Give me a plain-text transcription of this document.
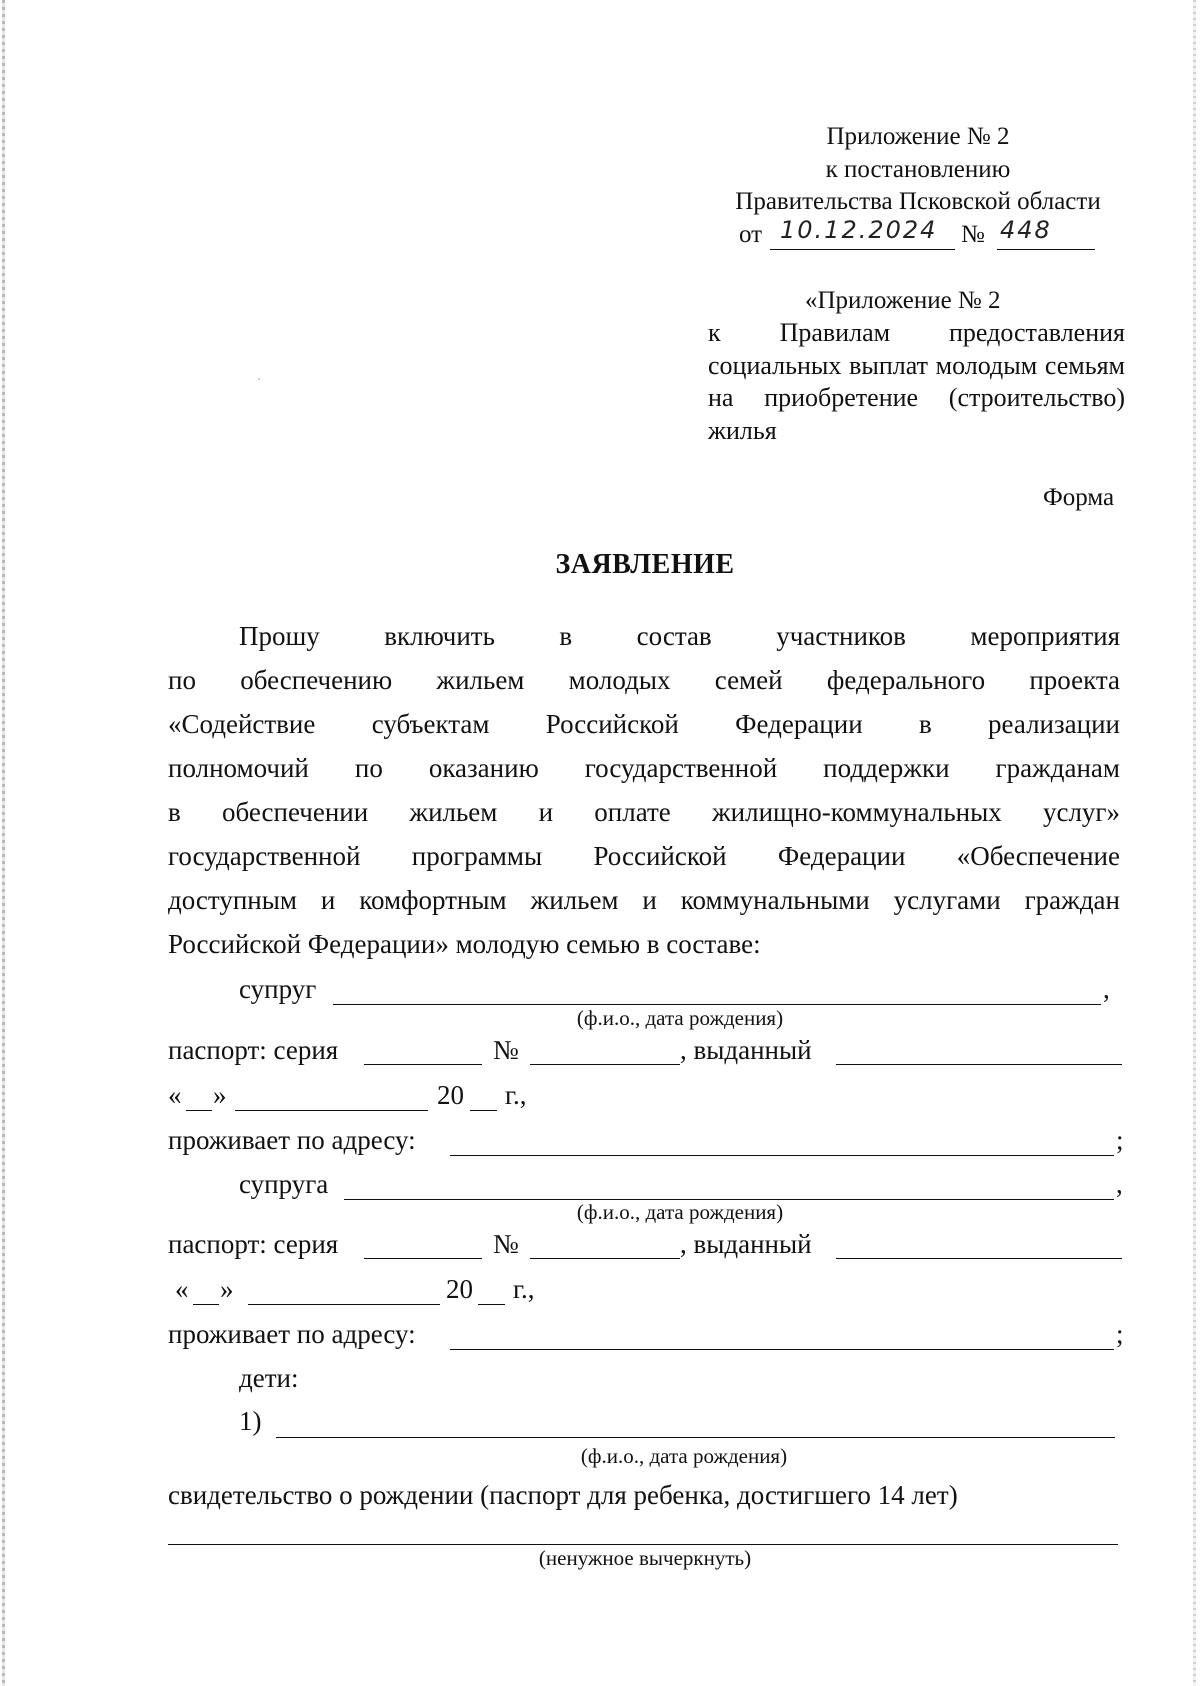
Приложение № 2
к постановлению
Правительства Псковской области
от 10.12.2024 № 448
«Приложение № 2
к Правилам предоставления социальных выплат молодым семьям на приобретение (строительство) жилья
Форма
ЗАЯВЛЕНИЕ
Прошу включить в состав участников мероприятия
по обеспечению жильем молодых семей федерального проекта
«Содействие субъектам Российской Федерации в реализации
полномочий по оказанию государственной поддержки гражданам
в обеспечении жильем и оплате жилищно-коммунальных услуг»
государственной программы Российской Федерации «Обеспечение
доступным и комфортным жильем и коммунальными услугами граждан
Российской Федерации» молодую семью в составе:
супруг	,
(ф.и.о., дата рождения)
паспорт: серия	№	, выданный
« »	20 г.,
проживает по адресу:	;
супруга	,
(ф.и.о., дата рождения)
паспорт: серия	№	, выданный
« »	20 г.,
проживает по адресу:	;
дети:
1)
(ф.и.о., дата рождения)
свидетельство о рождении (паспорт для ребенка, достигшего 14 лет)
(ненужное вычеркнуть)
